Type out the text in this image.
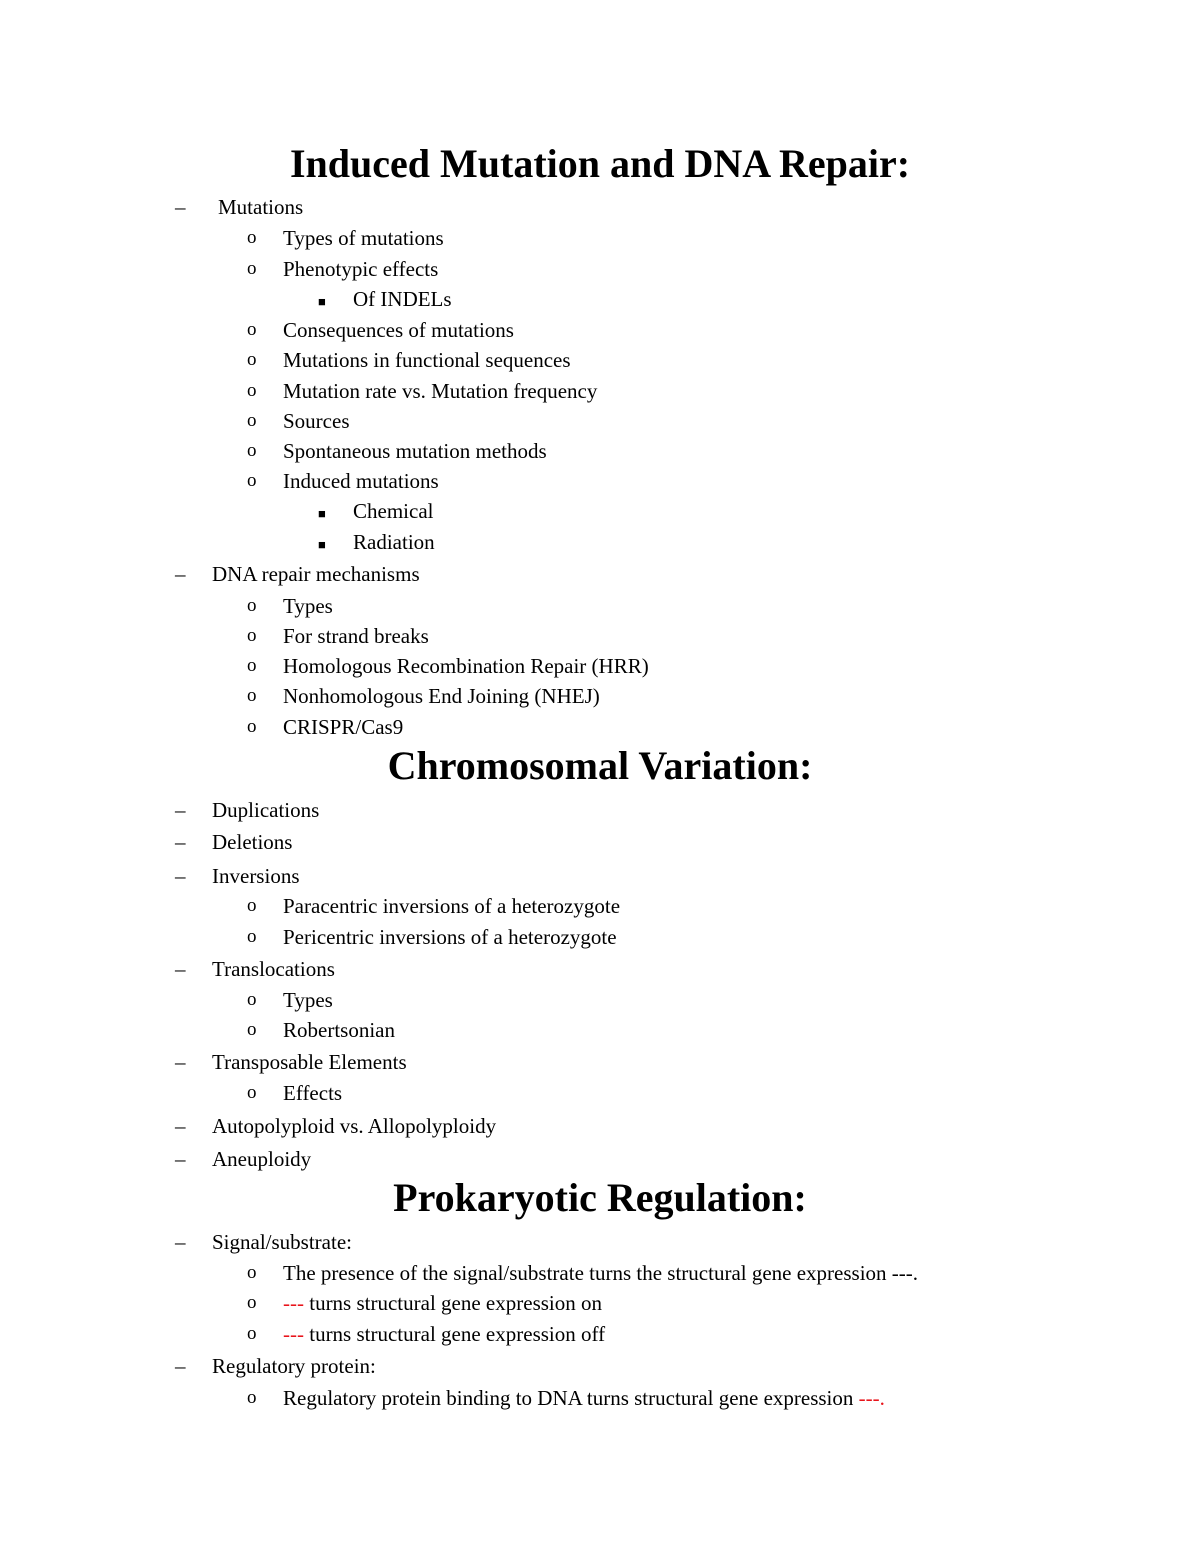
Induced Mutation and DNA Repair:
– Mutations
o Types of mutations
o Phenotypic effects
■ Of INDELs
o Consequences of mutations
o Mutations in functional sequences
o Mutation rate vs. Mutation frequency
o Sources
o Spontaneous mutation methods
o Induced mutations
■ Chemical
■ Radiation
– DNA repair mechanisms
o Types
o For strand breaks
o Homologous Recombination Repair (HRR)
o Nonhomologous End Joining (NHEJ)
o CRISPR/Cas9
Chromosomal Variation:
– Duplications
– Deletions
– Inversions
o Paracentric inversions of a heterozygote
o Pericentric inversions of a heterozygote
– Translocations
o Types
o Robertsonian
– Transposable Elements
o Effects
– Autopolyploid vs. Allopolyploidy
– Aneuploidy
Prokaryotic Regulation:
– Signal/substrate:
o The presence of the signal/substrate turns the structural gene expression ---.
o --- turns structural gene expression on
o --- turns structural gene expression off
– Regulatory protein:
o Regulatory protein binding to DNA turns structural gene expression ---.
